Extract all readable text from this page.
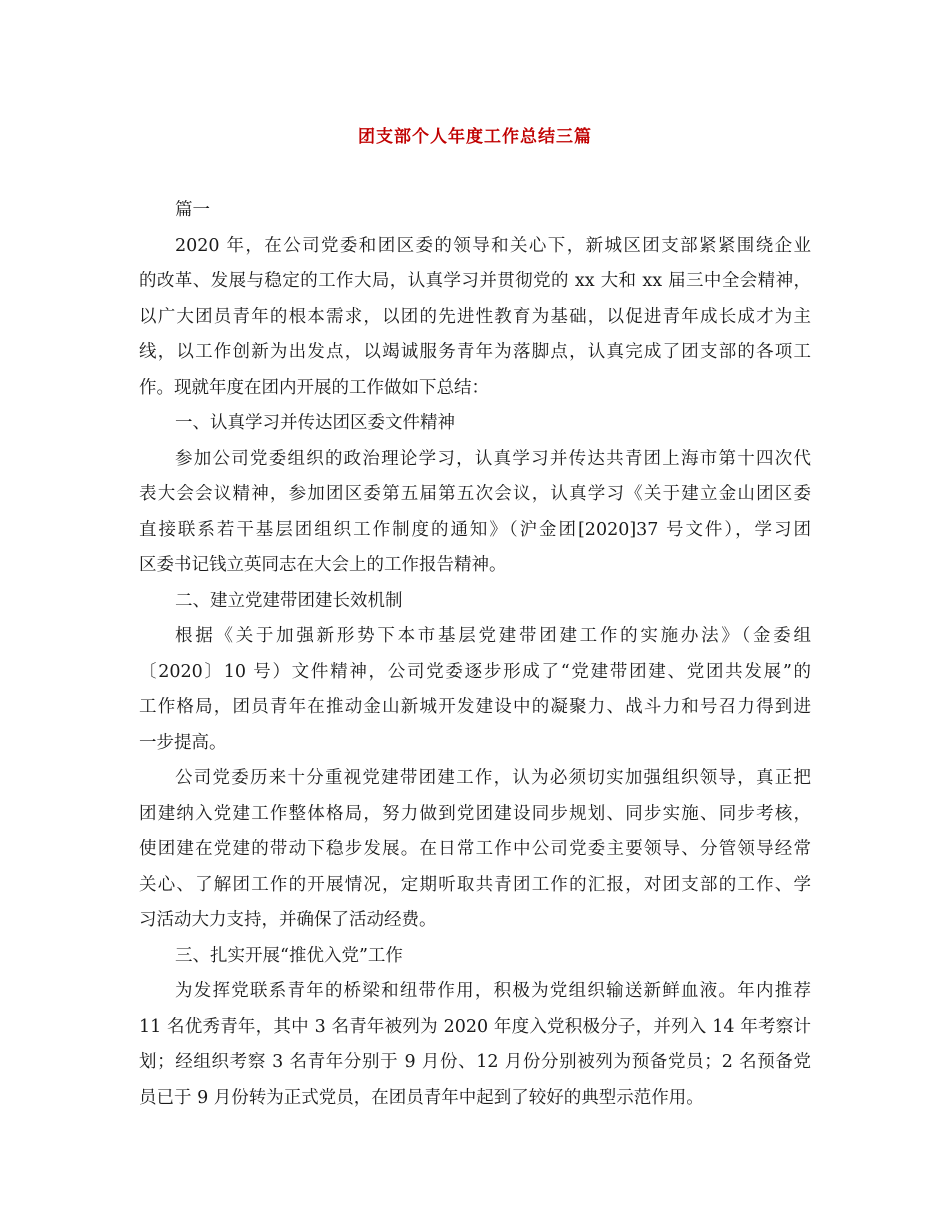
团支部个人年度工作总结三篇

篇一

2020 年，在公司党委和团区委的领导和关心下，新城区团支部紧紧围绕企业
的改革、发展与稳定的工作大局，认真学习并贯彻党的 xx 大和 xx 届三中全会精神，
以广大团员青年的根本需求，以团的先进性教育为基础，以促进青年成长成才为主
线，以工作创新为出发点，以竭诚服务青年为落脚点，认真完成了团支部的各项工
作。现就年度在团内开展的工作做如下总结：

一、认真学习并传达团区委文件精神

参加公司党委组织的政治理论学习，认真学习并传达共青团上海市第十四次代
表大会会议精神，参加团区委第五届第五次会议，认真学习《关于建立金山团区委
直接联系若干基层团组织工作制度的通知》（沪金团[2020]37 号文件），学习团
区委书记钱立英同志在大会上的工作报告精神。

二、建立党建带团建长效机制

根据《关于加强新形势下本市基层党建带团建工作的实施办法》（金委组
〔2020〕10 号）文件精神，公司党委逐步形成了“党建带团建、党团共发展”的
工作格局，团员青年在推动金山新城开发建设中的凝聚力、战斗力和号召力得到进
一步提高。

公司党委历来十分重视党建带团建工作，认为必须切实加强组织领导，真正把
团建纳入党建工作整体格局，努力做到党团建设同步规划、同步实施、同步考核，
使团建在党建的带动下稳步发展。在日常工作中公司党委主要领导、分管领导经常
关心、了解团工作的开展情况，定期听取共青团工作的汇报，对团支部的工作、学
习活动大力支持，并确保了活动经费。

三、扎实开展“推优入党”工作

为发挥党联系青年的桥梁和纽带作用，积极为党组织输送新鲜血液。年内推荐
11 名优秀青年，其中 3 名青年被列为 2020 年度入党积极分子，并列入 14 年考察计
划；经组织考察 3 名青年分别于 9 月份、12 月份分别被列为预备党员；2 名预备党
员已于 9 月份转为正式党员，在团员青年中起到了较好的典型示范作用。
